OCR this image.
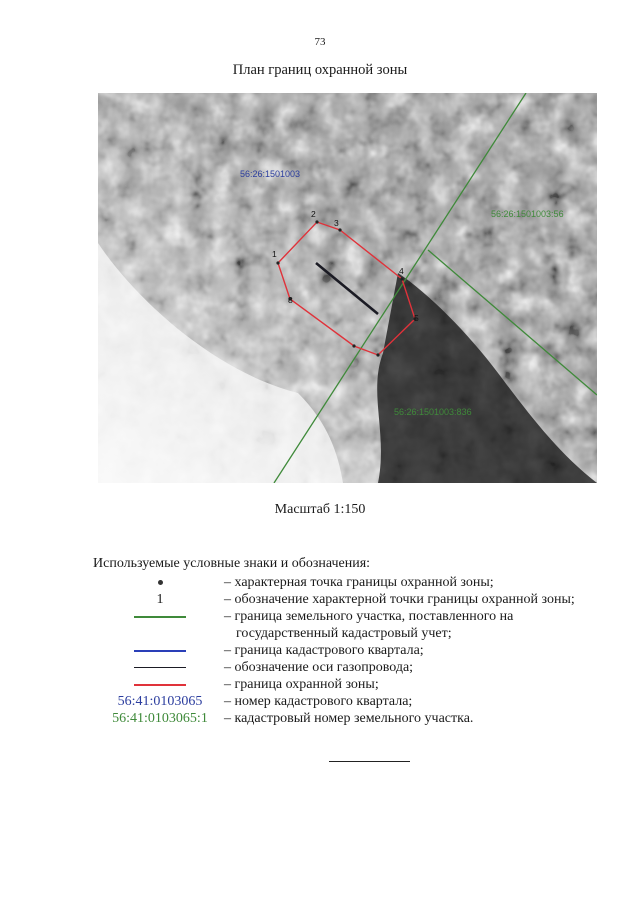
73
План границ охранной зоны
56:26:1501003
56:26:1501003:56
56:26:1501003:836
1
2
3
4
5
8
Масштаб 1:150
Используемые условные знаки и обозначения:
– характерная точка границы охранной зоны;
1	– обозначение характерной точки границы охранной зоны;
– граница земельного участка, поставленного на
государственный кадастровый учет;
– граница кадастрового квартала;
– обозначение оси газопровода;
– граница охранной зоны;
56:41:0103065 – номер кадастрового квартала;
56:41:0103065:1 – кадастровый номер земельного участка.
